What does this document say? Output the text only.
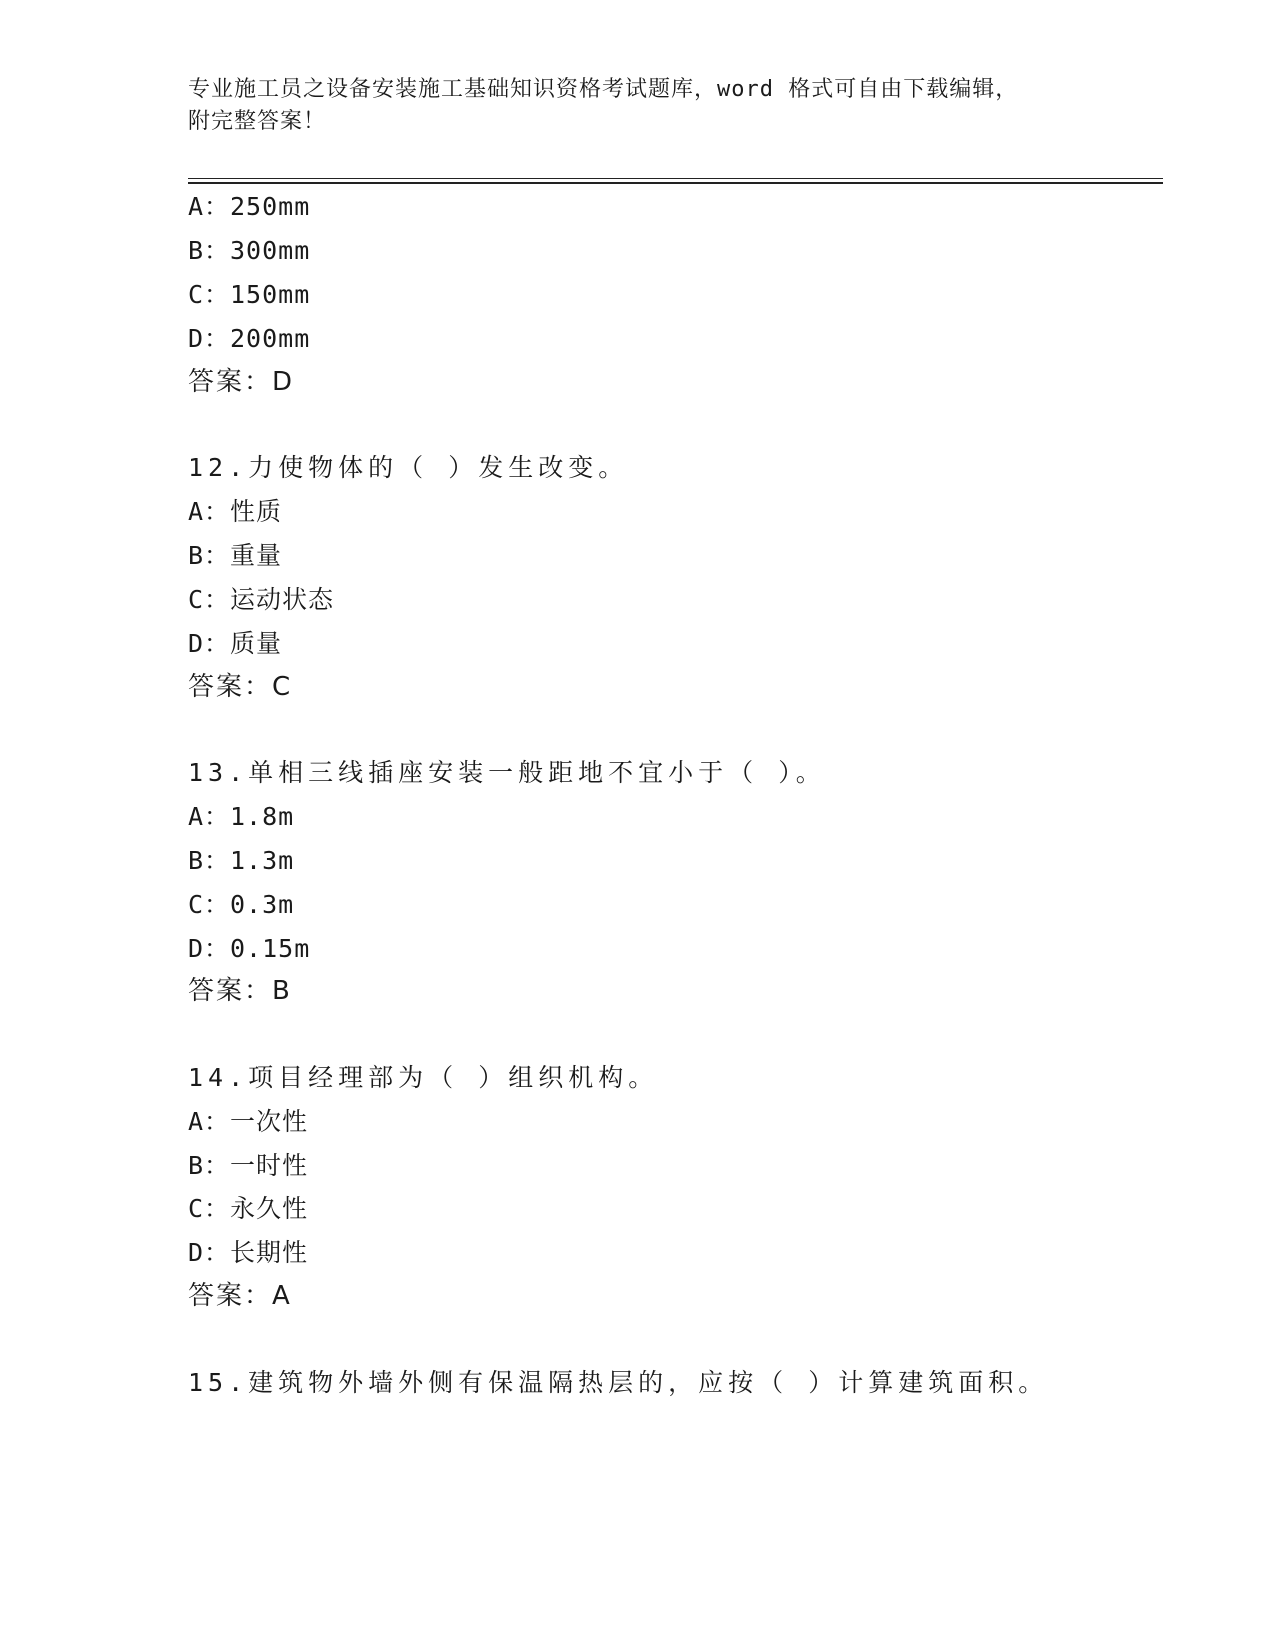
专业施工员之设备安装施工基础知识资格考试题库，word 格式可自由下载编辑，
附完整答案！
A：250mm
B：300mm
C：150mm
D：200mm
答案：D
12.力使物体的（ ）发生改变。
A：性质
B：重量
C：运动状态
D：质量
答案：C
13.单相三线插座安装一般距地不宜小于（ ）。
A：1.8m
B：1.3m
C：0.3m
D：0.15m
答案：B
14.项目经理部为（ ）组织机构。
A：一次性
B：一时性
C：永久性
D：长期性
答案：A
15.建筑物外墙外侧有保温隔热层的，应按（ ）计算建筑面积。
